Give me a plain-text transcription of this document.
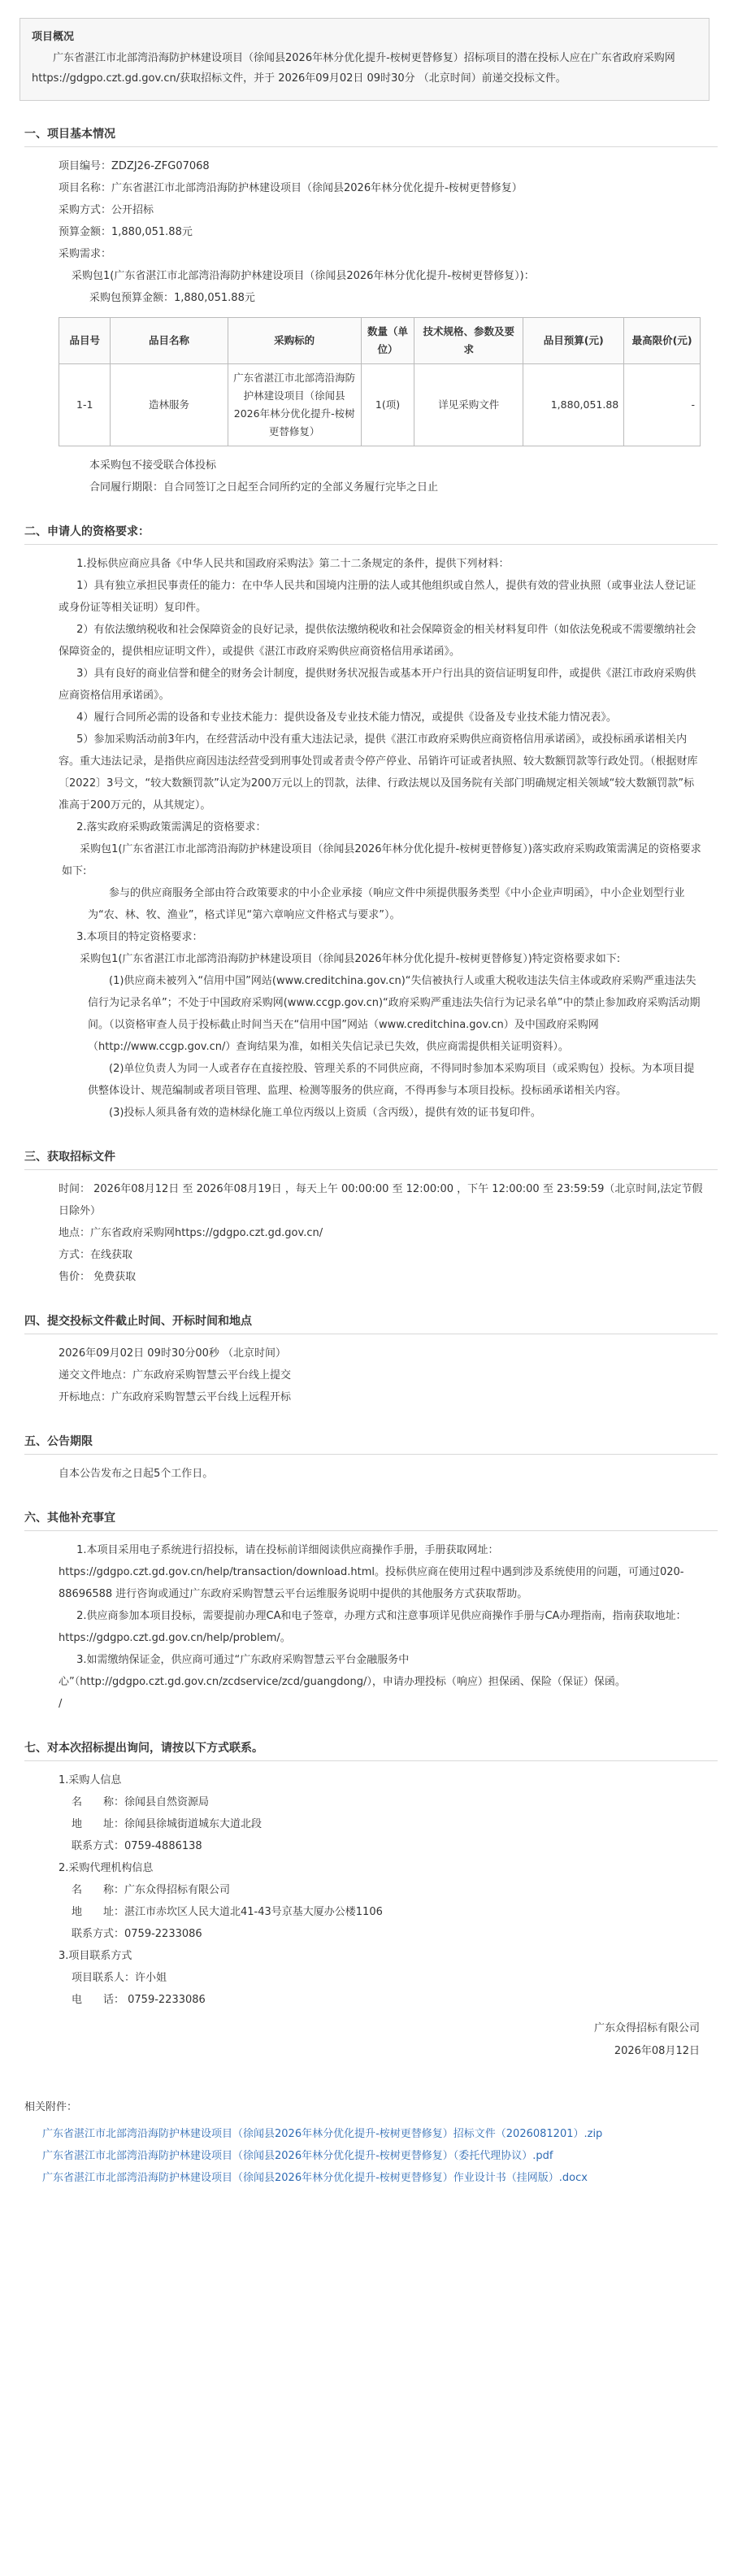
项目概况
广东省湛江市北部湾沿海防护林建设项目（徐闻县2026年林分优化提升-桉树更替修复）招标项目的潜在投标人应在广东省政府采购网https://gdgpo.czt.gd.gov.cn/获取招标文件，并于 2026年09月02日 09时30分 （北京时间）前递交投标文件。
一、项目基本情况

项目编号：ZDZJ26-ZFG07068

项目名称：广东省湛江市北部湾沿海防护林建设项目（徐闻县2026年林分优化提升-桉树更替修复）

采购方式：公开招标

预算金额：1,880,051.88元

采购需求：

采购包1(广东省湛江市北部湾沿海防护林建设项目（徐闻县2026年林分优化提升-桉树更替修复）)：

采购包预算金额：1,880,051.88元

品目号	品目名称	采购标的	数量（单位）	技术规格、参数及要求	品目预算(元)	最高限价(元)
1-1	造林服务	广东省湛江市北部湾沿海防护林建设项目（徐闻县2026年林分优化提升-桉树更替修复）	1(项)	详见采购文件	1,880,051.88	-

本采购包不接受联合体投标

合同履行期限：自合同签订之日起至合同所约定的全部义务履行完毕之日止

二、申请人的资格要求：

1.投标供应商应具备《中华人民共和国政府采购法》第二十二条规定的条件，提供下列材料：

1）具有独立承担民事责任的能力：在中华人民共和国境内注册的法人或其他组织或自然人，提供有效的营业执照（或事业法人登记证或身份证等相关证明）复印件。

2）有依法缴纳税收和社会保障资金的良好记录，提供依法缴纳税收和社会保障资金的相关材料复印件（如依法免税或不需要缴纳社会保障资金的，提供相应证明文件），或提供《湛江市政府采购供应商资格信用承诺函》。

3）具有良好的商业信誉和健全的财务会计制度，提供财务状况报告或基本开户行出具的资信证明复印件，或提供《湛江市政府采购供应商资格信用承诺函》。

4）履行合同所必需的设备和专业技术能力：提供设备及专业技术能力情况，或提供《设备及专业技术能力情况表》。

5）参加采购活动前3年内，在经营活动中没有重大违法记录，提供《湛江市政府采购供应商资格信用承诺函》，或投标函承诺相关内容。重大违法记录，是指供应商因违法经营受到刑事处罚或者责令停产停业、吊销许可证或者执照、较大数额罚款等行政处罚。（根据财库〔2022〕3号文，“较大数额罚款”认定为200万元以上的罚款，法律、行政法规以及国务院有关部门明确规定相关领域“较大数额罚款”标准高于200万元的，从其规定）。

2.落实政府采购政策需满足的资格要求：

采购包1(广东省湛江市北部湾沿海防护林建设项目（徐闻县2026年林分优化提升-桉树更替修复）)落实政府采购政策需满足的资格要求如下:

参与的供应商服务全部由符合政策要求的中小企业承接（响应文件中须提供服务类型《中小企业声明函》，中小企业划型行业为“农、林、牧、渔业”，格式详见“第六章响应文件格式与要求”）。

3.本项目的特定资格要求：

采购包1(广东省湛江市北部湾沿海防护林建设项目（徐闻县2026年林分优化提升-桉树更替修复）)特定资格要求如下:

(1)供应商未被列入“信用中国”网站(www.creditchina.gov.cn)“失信被执行人或重大税收违法失信主体或政府采购严重违法失信行为记录名单”；不处于中国政府采购网(www.ccgp.gov.cn)“政府采购严重违法失信行为记录名单”中的禁止参加政府采购活动期间。（以资格审查人员于投标截止时间当天在“信用中国”网站（www.creditchina.gov.cn）及中国政府采购网（http://www.ccgp.gov.cn/）查询结果为准，如相关失信记录已失效，供应商需提供相关证明资料）。

(2)单位负责人为同一人或者存在直接控股、管理关系的不同供应商，不得同时参加本采购项目（或采购包）投标。为本项目提供整体设计、规范编制或者项目管理、监理、检测等服务的供应商，不得再参与本项目投标。投标函承诺相关内容。

(3)投标人须具备有效的造林绿化施工单位丙级以上资质（含丙级），提供有效的证书复印件。

三、获取招标文件

时间： 2026年08月12日 至 2026年08月19日 ，每天上午 00:00:00 至 12:00:00 ，下午 12:00:00 至 23:59:59（北京时间,法定节假日除外）

地点：广东省政府采购网https://gdgpo.czt.gd.gov.cn/

方式：在线获取

售价： 免费获取

四、提交投标文件截止时间、开标时间和地点

2026年09月02日 09时30分00秒 （北京时间）

递交文件地点：广东政府采购智慧云平台线上提交

开标地点：广东政府采购智慧云平台线上远程开标

五、公告期限

自本公告发布之日起5个工作日。

六、其他补充事宜

1.本项目采用电子系统进行招投标，请在投标前详细阅读供应商操作手册，手册获取网址：https://gdgpo.czt.gd.gov.cn/help/transaction/download.html。投标供应商在使用过程中遇到涉及系统使用的问题，可通过020-88696588 进行咨询或通过广东政府采购智慧云平台运维服务说明中提供的其他服务方式获取帮助。

2.供应商参加本项目投标，需要提前办理CA和电子签章，办理方式和注意事项详见供应商操作手册与CA办理指南，指南获取地址：https://gdgpo.czt.gd.gov.cn/help/problem/。

3.如需缴纳保证金，供应商可通过“广东政府采购智慧云平台金融服务中心”（http://gdgpo.czt.gd.gov.cn/zcdservice/zcd/guangdong/），申请办理投标（响应）担保函、保险（保证）保函。

/

七、对本次招标提出询问，请按以下方式联系。

1.采购人信息

名　　称：徐闻县自然资源局

地　　址：徐闻县徐城街道城东大道北段

联系方式：0759-4886138

2.采购代理机构信息

名　　称：广东众得招标有限公司

地　　址：湛江市赤坎区人民大道北41-43号京基大厦办公楼1106

联系方式：0759-2233086

3.项目联系方式

项目联系人：许小姐

电　　话： 0759-2233086

广东众得招标有限公司

2026年08月12日

相关附件：
广东省湛江市北部湾沿海防护林建设项目（徐闻县2026年林分优化提升-桉树更替修复）招标文件（2026081201）.zip
广东省湛江市北部湾沿海防护林建设项目（徐闻县2026年林分优化提升-桉树更替修复）（委托代理协议）.pdf
广东省湛江市北部湾沿海防护林建设项目（徐闻县2026年林分优化提升-桉树更替修复）作业设计书（挂网版）.docx
